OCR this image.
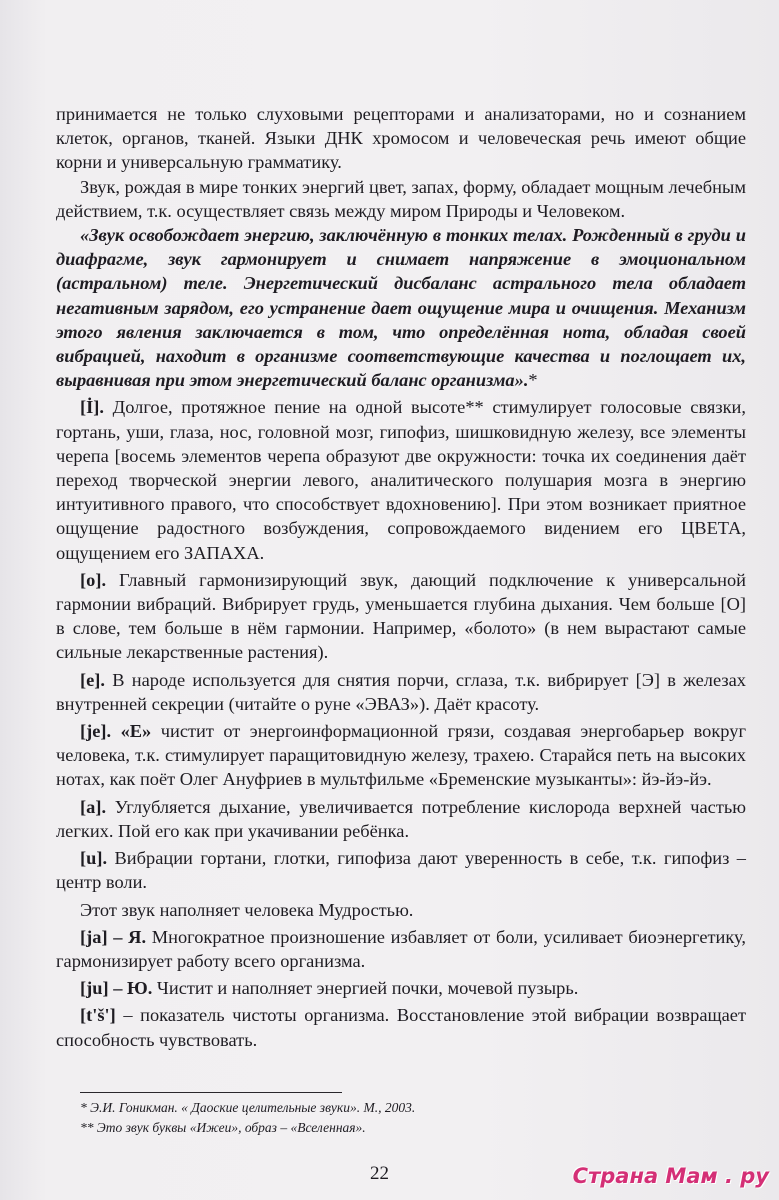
принимается не только слуховыми рецепторами и анализаторами, но и сознанием клеток, органов, тканей. Языки ДНК хромосом и человеческая речь имеют общие корни и универсальную грамматику.

Звук, рождая в мире тонких энергий цвет, запах, форму, обладает мощным лечебным действием, т.к. осуществляет связь между миром Природы и Человеком.

«Звук освобождает энергию, заключённую в тонких телах. Рожденный в груди и диафрагме, звук гармонирует и снимает напряжение в эмоциональном (астральном) теле. Энергетический дисбаланс астрального тела обладает негативным зарядом, его устранение дает ощущение мира и очищения. Механизм этого явления заключается в том, что определённая нота, обладая своей вибрацией, находит в организме соответствующие качества и поглощает их, выравнивая при этом энергетический баланс организма».*

[İ]. Долгое, протяжное пение на одной высоте** стимулирует голосовые связки, гортань, уши, глаза, нос, головной мозг, гипофиз, шишковидную железу, все элементы черепа [восемь элементов черепа образуют две окружности: точка их соединения даёт переход творческой энергии левого, аналитического полушария мозга в энергию интуитивного правого, что способствует вдохновению]. При этом возникает приятное ощущение радостного возбуждения, сопровождаемого видением его ЦВЕТА, ощущением его ЗАПАХА.

[о]. Главный гармонизирующий звук, дающий подключение к универсальной гармонии вибраций. Вибрирует грудь, уменьшается глубина дыхания. Чем больше [О] в слове, тем больше в нём гармонии. Например, «болото» (в нем вырастают самые сильные лекарственные растения).

[е]. В народе используется для снятия порчи, сглаза, т.к. вибрирует [Э] в железах внутренней секреции (читайте о руне «ЭВАЗ»). Даёт красоту.

[je]. «Е» чистит от энергоинформационной грязи, создавая энергобарьер вокруг человека, т.к. стимулирует паращитовидную железу, трахею. Старайся петь на высоких нотах, как поёт Олег Ануфриев в мультфильме «Бременские музыканты»: йэ-йэ-йэ.

[а]. Углубляется дыхание, увеличивается потребление кислорода верхней частью легких. Пой его как при укачивании ребёнка.

[u]. Вибрации гортани, глотки, гипофиза дают уверенность в себе, т.к. гипофиз – центр воли.

Этот звук наполняет человека Мудростью.

[ja] – Я. Многократное произношение избавляет от боли, усиливает биоэнергетику, гармонизирует работу всего организма.

[ju] – Ю. Чистит и наполняет энергией почки, мочевой пузырь.

[t'š'] – показатель чистоты организма. Восстановление этой вибрации возвращает способность чувствовать.

* Э.И. Гоникман. « Даоские целительные звуки». М., 2003.

** Это звук буквы «Ижеи», образ – «Вселенная».

22	Страна Мам . ру
